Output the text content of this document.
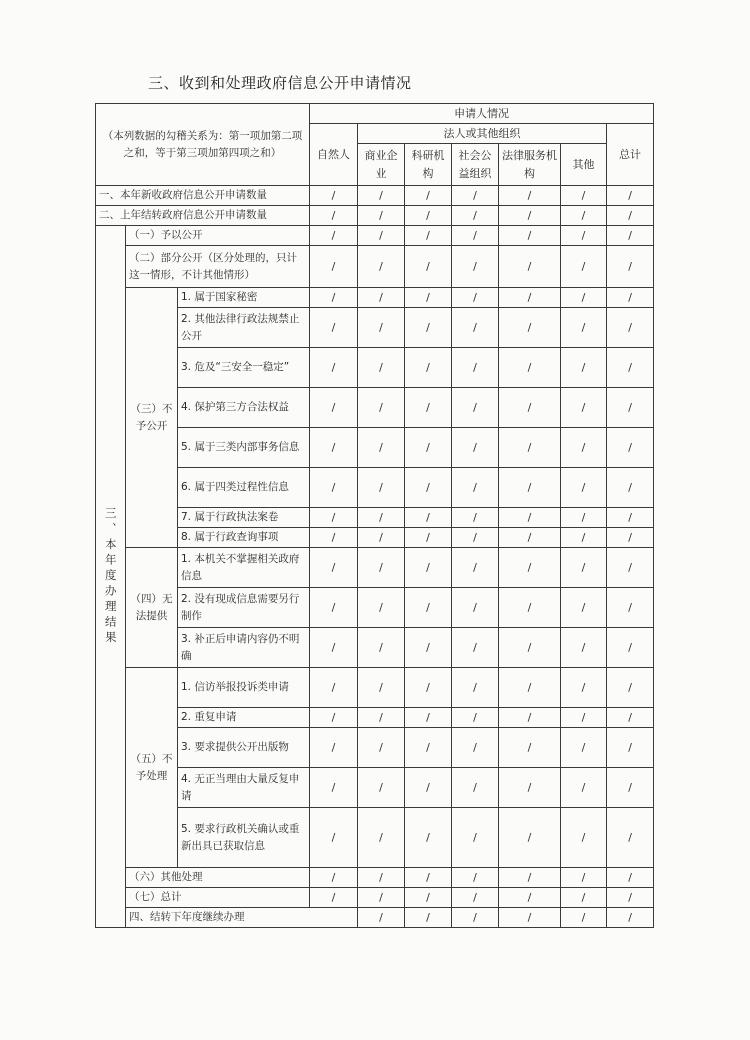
三、收到和处理政府信息公开申请情况
（本列数据的勾稽关系为：第一项加第二项之和，等于第三项加第四项之和）			申请人情况							
			自然人	法人或其他组织					总计	
				商业企业	科研机构	社会公益组织	法律服务机构	其他		
一、本年新收政府信息公开申请数量			/	/	/	/	/	/	/	
二、上年结转政府信息公开申请数量			/	/	/	/	/	/	/	
三、本年度办理结果	（一）予以公开		/	/	/	/	/	/	/	
	（二）部分公开（区分处理的，只计这一情形，不计其他情形）		/	/	/	/	/	/	/	
	（三）不予公开	1. 属于国家秘密	/	/	/	/	/	/	/	
		2. 其他法律行政法规禁止公开	/	/	/	/	/	/	/	
		3. 危及“三安全一稳定”	/	/	/	/	/	/	/	
		4. 保护第三方合法权益	/	/	/	/	/	/	/	
		5. 属于三类内部事务信息	/	/	/	/	/	/	/	
		6. 属于四类过程性信息	/	/	/	/	/	/	/	
		7. 属于行政执法案卷	/	/	/	/	/	/	/	
		8. 属于行政查询事项	/	/	/	/	/	/	/	
	（四）无法提供	1. 本机关不掌握相关政府信息	/	/	/	/	/	/	/	
		2. 没有现成信息需要另行制作	/	/	/	/	/	/	/	
		3. 补正后申请内容仍不明确	/	/	/	/	/	/	/	
	（五）不予处理	1. 信访举报投诉类申请	/	/	/	/	/	/	/	
		2. 重复申请	/	/	/	/	/	/	/	
		3. 要求提供公开出版物	/	/	/	/	/	/	/	
		4. 无正当理由大量反复申请	/	/	/	/	/	/	/	
		5. 要求行政机关确认或重新出具已获取信息	/	/	/	/	/	/	/	
	（六）其他处理		/	/	/	/	/	/	/	
	（七）总计		/	/	/	/	/	/	/	
	四、结转下年度继续办理			/	/	/	/	/	/	
